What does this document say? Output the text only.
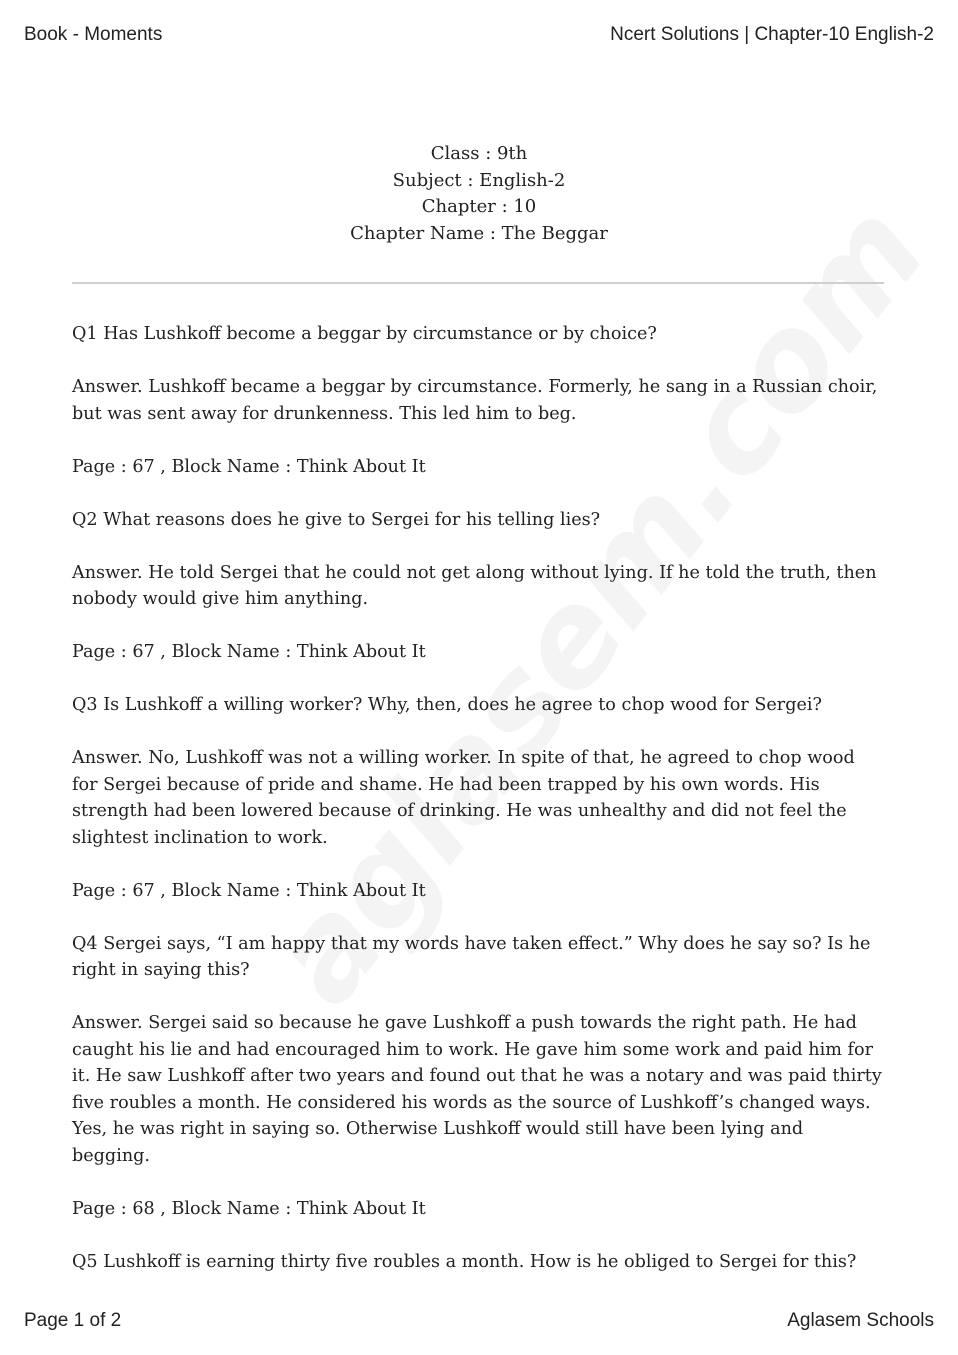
Book - Moments	Ncert Solutions | Chapter-10 English-2
Class : 9th
Subject : English-2
Chapter : 10
Chapter Name : The Beggar

Q1 Has Lushkoff become a beggar by circumstance or by choice?

Answer. Lushkoff became a beggar by circumstance. Formerly, he sang in a Russian choir, but was sent away for drunkenness. This led him to beg.

Page : 67 , Block Name : Think About It

Q2 What reasons does he give to Sergei for his telling lies?

Answer. He told Sergei that he could not get along without lying. If he told the truth, then nobody would give him anything.

Page : 67 , Block Name : Think About It

Q3 Is Lushkoff a willing worker? Why, then, does he agree to chop wood for Sergei?

Answer. No, Lushkoff was not a willing worker. In spite of that, he agreed to chop wood for Sergei because of pride and shame. He had been trapped by his own words. His strength had been lowered because of drinking. He was unhealthy and did not feel the slightest inclination to work.

Page : 67 , Block Name : Think About It

Q4 Sergei says, “I am happy that my words have taken effect.” Why does he say so? Is he right in saying this?

Answer. Sergei said so because he gave Lushkoff a push towards the right path. He had caught his lie and had encouraged him to work. He gave him some work and paid him for it. He saw Lushkoff after two years and found out that he was a notary and was paid thirty five roubles a month. He considered his words as the source of Lushkoff’s changed ways. Yes, he was right in saying so. Otherwise Lushkoff would still have been lying and begging.

Page : 68 , Block Name : Think About It

Q5 Lushkoff is earning thirty five roubles a month. How is he obliged to Sergei for this?

Page 1 of 2	Aglasem Schools
